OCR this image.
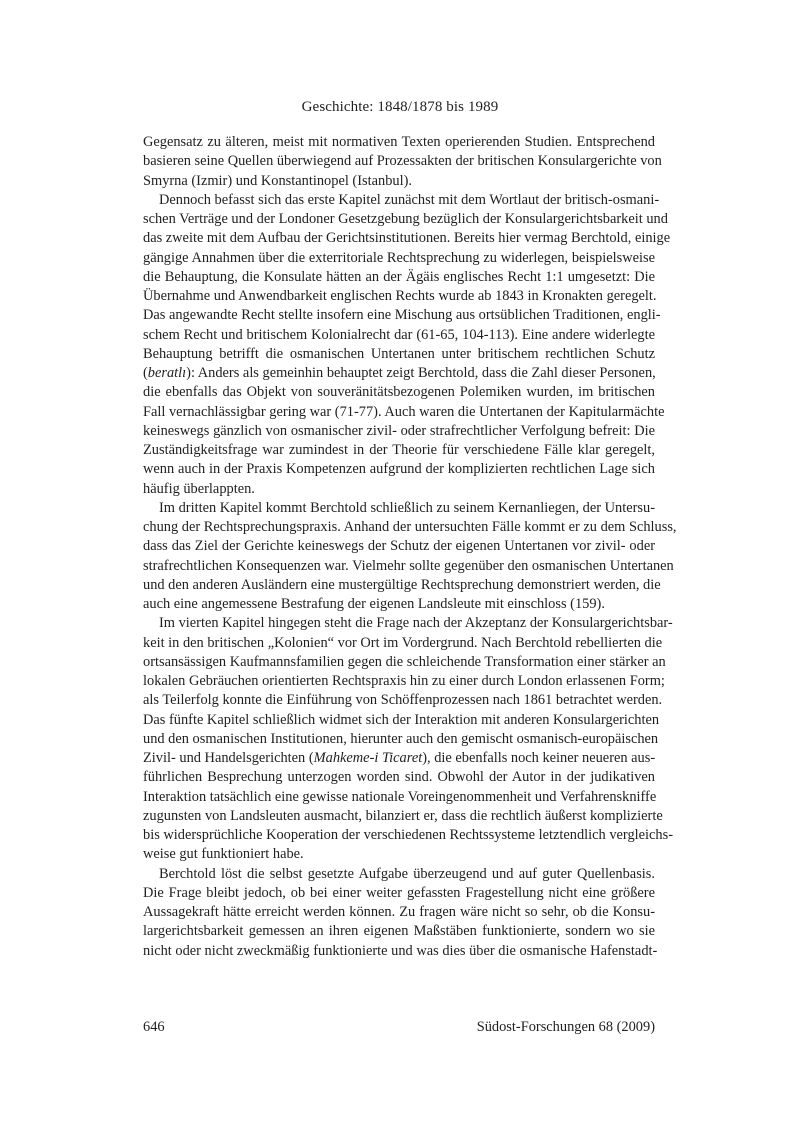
Geschichte: 1848/1878 bis 1989

Gegensatz zu älteren, meist mit normativen Texten operierenden Studien. Entsprechend
basieren seine Quellen überwiegend auf Prozessakten der britischen Konsulargerichte von
Smyrna (Izmir) und Konstantinopel (Istanbul).

Dennoch befasst sich das erste Kapitel zunächst mit dem Wortlaut der britisch-osmani-
schen Verträge und der Londoner Gesetzgebung bezüglich der Konsulargerichtsbarkeit und
das zweite mit dem Aufbau der Gerichtsinstitutionen. Bereits hier vermag Berchtold, einige
gängige Annahmen über die exterritoriale Rechtsprechung zu widerlegen, beispielsweise
die Behauptung, die Konsulate hätten an der Ägäis englisches Recht 1:1 umgesetzt: Die
Übernahme und Anwendbarkeit englischen Rechts wurde ab 1843 in Kronakten geregelt.
Das angewandte Recht stellte insofern eine Mischung aus ortsüblichen Traditionen, engli-
schem Recht und britischem Kolonialrecht dar (61-65, 104-113). Eine andere widerlegte
Behauptung betrifft die osmanischen Untertanen unter britischem rechtlichen Schutz
(beratlı): Anders als gemeinhin behauptet zeigt Berchtold, dass die Zahl dieser Personen,
die ebenfalls das Objekt von souveränitätsbezogenen Polemiken wurden, im britischen
Fall vernachlässigbar gering war (71-77). Auch waren die Untertanen der Kapitularmächte
keineswegs gänzlich von osmanischer zivil- oder strafrechtlicher Verfolgung befreit: Die
Zuständigkeitsfrage war zumindest in der Theorie für verschiedene Fälle klar geregelt,
wenn auch in der Praxis Kompetenzen aufgrund der komplizierten rechtlichen Lage sich
häufig überlappten.

Im dritten Kapitel kommt Berchtold schließlich zu seinem Kernanliegen, der Untersu-
chung der Rechtsprechungspraxis. Anhand der untersuchten Fälle kommt er zu dem Schluss,
dass das Ziel der Gerichte keineswegs der Schutz der eigenen Untertanen vor zivil- oder
strafrechtlichen Konsequenzen war. Vielmehr sollte gegenüber den osmanischen Untertanen
und den anderen Ausländern eine mustergültige Rechtsprechung demonstriert werden, die
auch eine angemessene Bestrafung der eigenen Landsleute mit einschloss (159).

Im vierten Kapitel hingegen steht die Frage nach der Akzeptanz der Konsulargerichtsbar-
keit in den britischen „Kolonien“ vor Ort im Vordergrund. Nach Berchtold rebellierten die
ortsansässigen Kaufmannsfamilien gegen die schleichende Transformation einer stärker an
lokalen Gebräuchen orientierten Rechtspraxis hin zu einer durch London erlassenen Form;
als Teilerfolg konnte die Einführung von Schöffenprozessen nach 1861 betrachtet werden.
Das fünfte Kapitel schließlich widmet sich der Interaktion mit anderen Konsulargerichten
und den osmanischen Institutionen, hierunter auch den gemischt osmanisch-europäischen
Zivil- und Handelsgerichten (Mahkeme-i Ticaret), die ebenfalls noch keiner neueren aus-
führlichen Besprechung unterzogen worden sind. Obwohl der Autor in der judikativen
Interaktion tatsächlich eine gewisse nationale Voreingenommenheit und Verfahrenskniffe
zugunsten von Landsleuten ausmacht, bilanziert er, dass die rechtlich äußerst komplizierte
bis widersprüchliche Kooperation der verschiedenen Rechtssysteme letztendlich vergleichs-
weise gut funktioniert habe.

Berchtold löst die selbst gesetzte Aufgabe überzeugend und auf guter Quellenbasis.
Die Frage bleibt jedoch, ob bei einer weiter gefassten Fragestellung nicht eine größere
Aussagekraft hätte erreicht werden können. Zu fragen wäre nicht so sehr, ob die Konsu-
largerichtsbarkeit gemessen an ihren eigenen Maßstäben funktionierte, sondern wo sie
nicht oder nicht zweckmäßig funktionierte und was dies über die osmanische Hafenstadt-

646	Südost-Forschungen 68 (2009)
